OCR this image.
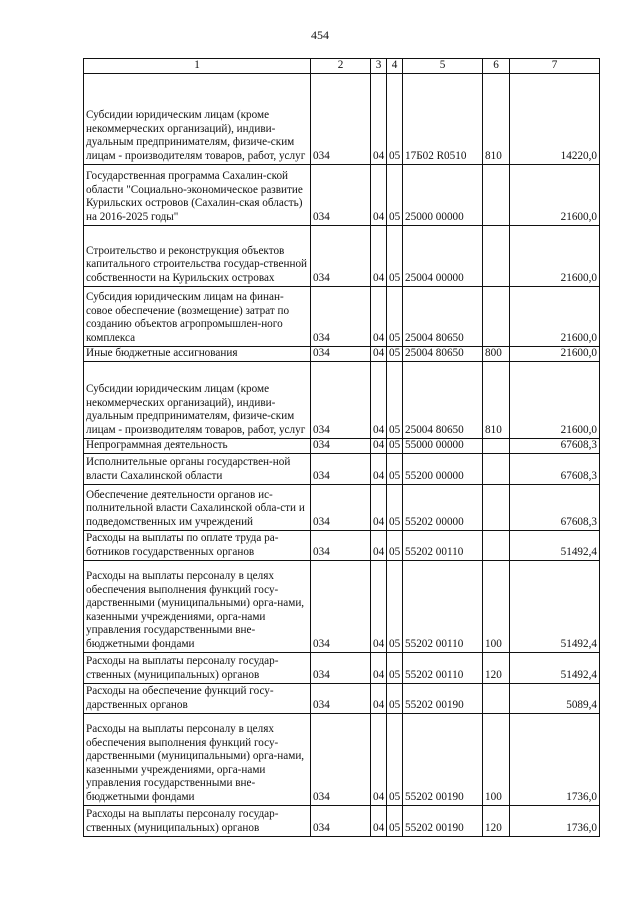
454
1	2	3	4	5	6	7
Субсидии юридическим лицам (кроме некоммерческих организаций), индиви-дуальным предпринимателям, физиче-ским лицам - производителям товаров, работ, услуг	034	04	05	17Б02 R0510	810	14220,0
Государственная программа Сахалин-ской области "Социально-экономическое развитие Курильских островов (Сахалин-ская область) на 2016-2025 годы"	034	04	05	25000 00000		21600,0
Строительство и реконструкция объектов капитального строительства государ-ственной собственности на Курильских островах	034	04	05	25004 00000		21600,0
Субсидия юридическим лицам на финан-совое обеспечение (возмещение) затрат по созданию объектов агропромышлен-ного комплекса	034	04	05	25004 80650		21600,0
Иные бюджетные ассигнования	034	04	05	25004 80650	800	21600,0
Субсидии юридическим лицам (кроме некоммерческих организаций), индиви-дуальным предпринимателям, физиче-ским лицам - производителям товаров, работ, услуг	034	04	05	25004 80650	810	21600,0
Непрограммная деятельность	034	04	05	55000 00000		67608,3
Исполнительные органы государствен-ной власти Сахалинской области	034	04	05	55200 00000		67608,3
Обеспечение деятельности органов ис-полнительной власти Сахалинской обла-сти и подведомственных им учреждений	034	04	05	55202 00000		67608,3
Расходы на выплаты по оплате труда ра-ботников государственных органов	034	04	05	55202 00110		51492,4
Расходы на выплаты персоналу в целях обеспечения выполнения функций госу-дарственными (муниципальными) орга-нами, казенными учреждениями, орга-нами управления государственными вне-бюджетными фондами	034	04	05	55202 00110	100	51492,4
Расходы на выплаты персоналу государ-ственных (муниципальных) органов	034	04	05	55202 00110	120	51492,4
Расходы на обеспечение функций госу-дарственных органов	034	04	05	55202 00190		5089,4
Расходы на выплаты персоналу в целях обеспечения выполнения функций госу-дарственными (муниципальными) орга-нами, казенными учреждениями, орга-нами управления государственными вне-бюджетными фондами	034	04	05	55202 00190	100	1736,0
Расходы на выплаты персоналу государ-ственных (муниципальных) органов	034	04	05	55202 00190	120	1736,0
